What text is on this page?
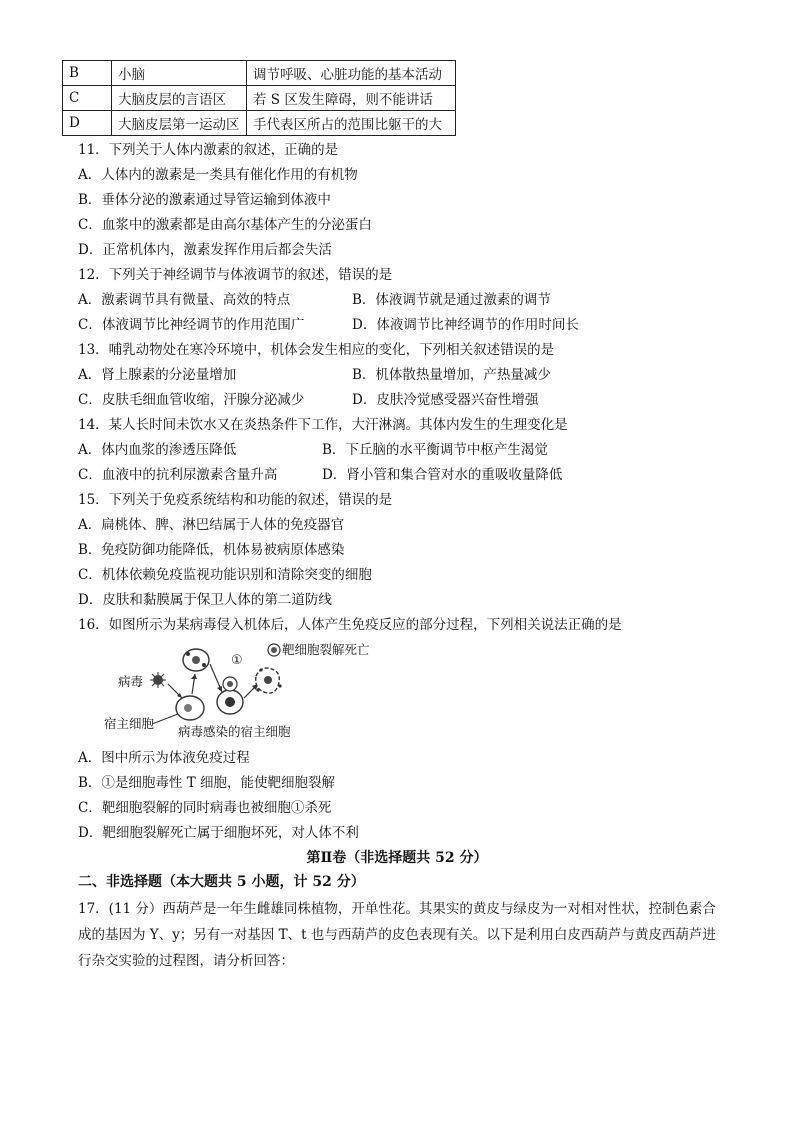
B	小脑	调节呼吸、心脏功能的基本活动
C	大脑皮层的言语区	若 S 区发生障碍，则不能讲话
D	大脑皮层第一运动区	手代表区所占的范围比躯干的大
11．下列关于人体内激素的叙述，正确的是
A．人体内的激素是一类具有催化作用的有机物
B．垂体分泌的激素通过导管运输到体液中
C．血浆中的激素都是由高尔基体产生的分泌蛋白
D．正常机体内，激素发挥作用后都会失活
12．下列关于神经调节与体液调节的叙述，错误的是
A．激素调节具有微量、高效的特点	B．体液调节就是通过激素的调节
C．体液调节比神经调节的作用范围广	D．体液调节比神经调节的作用时间长
13．哺乳动物处在寒冷环境中，机体会发生相应的变化，下列相关叙述错误的是
A．肾上腺素的分泌量增加	B．机体散热量增加，产热量减少
C．皮肤毛细血管收缩，汗腺分泌减少	D．皮肤冷觉感受器兴奋性增强
14．某人长时间未饮水又在炎热条件下工作，大汗淋漓。其体内发生的生理变化是
A．体内血浆的渗透压降低	B．下丘脑的水平衡调节中枢产生渴觉
C．血液中的抗利尿激素含量升高	D．肾小管和集合管对水的重吸收量降低
15．下列关于免疫系统结构和功能的叙述，错误的是
A．扁桃体、脾、淋巴结属于人体的免疫器官
B．免疫防御功能降低，机体易被病原体感染
C．机体依赖免疫监视功能识别和清除突变的细胞
D．皮肤和黏膜属于保卫人体的第二道防线
16．如图所示为某病毒侵入机体后，人体产生免疫反应的部分过程，下列相关说法正确的是
①
病毒
宿主细胞
病毒感染的宿主细胞
靶细胞裂解死亡
A．图中所示为体液免疫过程
B．①是细胞毒性 T 细胞，能使靶细胞裂解
C．靶细胞裂解的同时病毒也被细胞①杀死
D．靶细胞裂解死亡属于细胞坏死，对人体不利
第Ⅱ卷（非选择题共 52 分）
二、非选择题（本大题共 5 小题，计 52 分）
17．(11 分）西葫芦是一年生雌雄同株植物，开单性花。其果实的黄皮与绿皮为一对相对性状，控制色素合成的基因为 Y、y；另有一对基因 T、t 也与西葫芦的皮色表现有关。以下是利用白皮西葫芦与黄皮西葫芦进行杂交实验的过程图，请分析回答：
